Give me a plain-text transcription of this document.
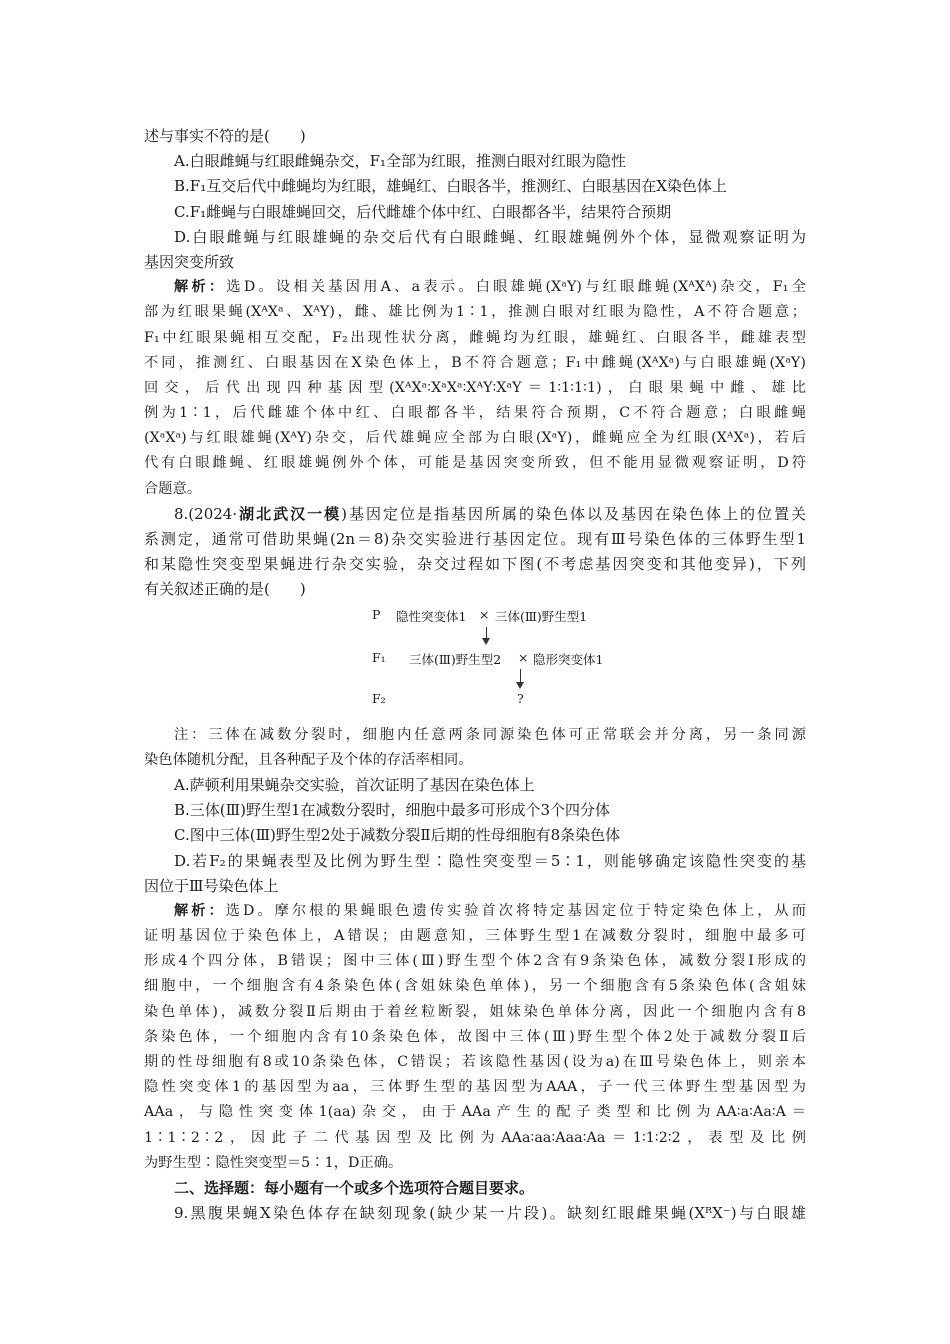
述与事实不符的是(　　)
A.白眼雌蝇与红眼雌蝇杂交，F₁全部为红眼，推测白眼对红眼为隐性
B.F₁互交后代中雌蝇均为红眼，雄蝇红、白眼各半，推测红、白眼基因在X染色体上
C.F₁雌蝇与白眼雄蝇回交，后代雌雄个体中红、白眼都各半，结果符合预期
D.白眼雌蝇与红眼雄蝇的杂交后代有白眼雌蝇、红眼雄蝇例外个体，显微观察证明为
基因突变所致
解析：选D。设相关基因用A、a表示。白眼雄蝇(XᵃY)与红眼雌蝇(XᴬXᴬ)杂交，F₁全
部为红眼果蝇(XᴬXᵃ、XᴬY)，雌、雄比例为1∶1，推测白眼对红眼为隐性，A不符合题意；
F₁中红眼果蝇相互交配，F₂出现性状分离，雌蝇均为红眼，雄蝇红、白眼各半，雌雄表型
不同，推测红、白眼基因在X染色体上，B不符合题意；F₁中雌蝇(XᴬXᵃ)与白眼雄蝇(XᵃY)
回交，后代出现四种基因型(XᴬXᵃ∶XᵃXᵃ∶XᴬY∶XᵃY＝1∶1∶1∶1)，白眼果蝇中雌、雄比
例为1∶1，后代雌雄个体中红、白眼都各半，结果符合预期，C不符合题意；白眼雌蝇
(XᵃXᵃ)与红眼雄蝇(XᴬY)杂交，后代雄蝇应全部为白眼(XᵃY)，雌蝇应全为红眼(XᴬXᵃ)，若后
代有白眼雌蝇、红眼雄蝇例外个体，可能是基因突变所致，但不能用显微观察证明，D符
合题意。
8.(2024·湖北武汉一模)基因定位是指基因所属的染色体以及基因在染色体上的位置关
系测定，通常可借助果蝇(2n＝8)杂交实验进行基因定位。现有Ⅲ号染色体的三体野生型1
和某隐性突变型果蝇进行杂交实验，杂交过程如下图(不考虑基因突变和其他变异)，下列
有关叙述正确的是(　　)
P 隐性突变体1 × 三体(Ⅲ)野生型1
F₁ 三体(Ⅲ)野生型2 × 隐形突变体1
F₂	?
注：三体在减数分裂时，细胞内任意两条同源染色体可正常联会并分离，另一条同源
染色体随机分配，且各种配子及个体的存活率相同。
A.萨顿利用果蝇杂交实验，首次证明了基因在染色体上
B.三体(Ⅲ)野生型1在减数分裂时，细胞中最多可形成个3个四分体
C.图中三体(Ⅲ)野生型2处于减数分裂Ⅱ后期的性母细胞有8条染色体
D.若F₂的果蝇表型及比例为野生型∶隐性突变型＝5∶1，则能够确定该隐性突变的基
因位于Ⅲ号染色体上
解析：选D。摩尔根的果蝇眼色遗传实验首次将特定基因定位于特定染色体上，从而
证明基因位于染色体上，A错误；由题意知，三体野生型1在减数分裂时，细胞中最多可
形成4个四分体，B错误；图中三体(Ⅲ)野生型个体2含有9条染色体，减数分裂Ⅰ形成的
细胞中，一个细胞含有4条染色体(含姐妹染色单体)，另一个细胞含有5条染色体(含姐妹
染色单体)，减数分裂Ⅱ后期由于着丝粒断裂，姐妹染色单体分离，因此一个细胞内含有8
条染色体，一个细胞内含有10条染色体，故图中三体(Ⅲ)野生型个体2处于减数分裂Ⅱ后
期的性母细胞有8或10条染色体，C错误；若该隐性基因(设为a)在Ⅲ号染色体上，则亲本
隐性突变体1的基因型为aa，三体野生型的基因型为AAA，子一代三体野生型基因型为
AAa，与隐性突变体1(aa)杂交，由于AAa产生的配子类型和比例为AA∶a∶Aa∶A＝
1∶1∶2∶2，因此子二代基因型及比例为AAa∶aa∶Aaa∶Aa＝1∶1∶2∶2，表型及比例
为野生型∶隐性突变型＝5∶1，D正确。
二、选择题：每小题有一个或多个选项符合题目要求。
9.黑腹果蝇X染色体存在缺刻现象(缺少某一片段)。缺刻红眼雌果蝇(XᴿX⁻)与白眼雄
